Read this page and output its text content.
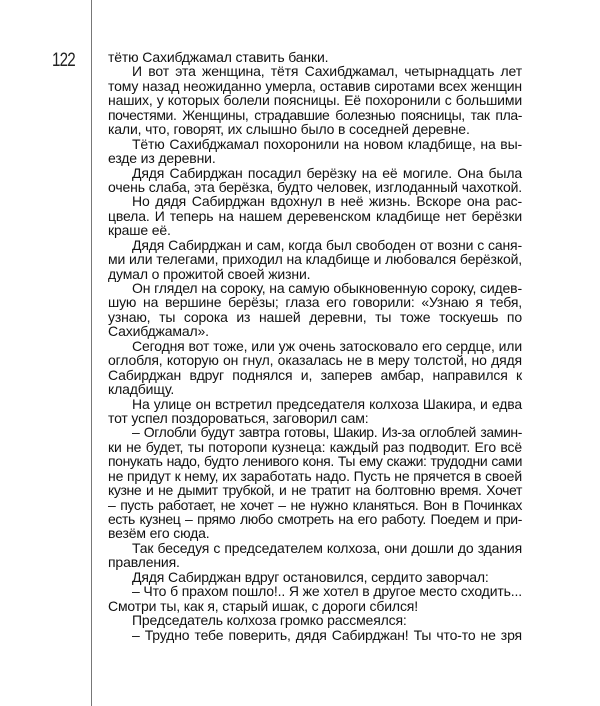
122 тётю Сахибджамал ставить банки.
И вот эта женщина, тётя Сахибджамал, четырнадцать лет
тому назад неожиданно умерла, оставив сиротами всех женщин
наших, у которых болели поясницы. Её похоронили с большими
почестями. Женщины, страдавшие болезнью поясницы, так пла-
кали, что, говорят, их слышно было в соседней деревне.
Тётю Сахибджамал похоронили на новом кладбище, на вы-
езде из деревни.
Дядя Сабирджан посадил берёзку на её могиле. Она была
очень слаба, эта берёзка, будто человек, изглоданный чахоткой.
Но дядя Сабирджан вдохнул в неё жизнь. Вскоре она рас-
цвела. И теперь на нашем деревенском кладбище нет берёзки
краше её.
Дядя Сабирджан и сам, когда был свободен от возни с саня-
ми или телегами, приходил на кладбище и любовался берёзкой,
думал о прожитой своей жизни.
Он глядел на сороку, на самую обыкновенную сороку, сидев-
шую на вершине берёзы; глаза его говорили: «Узнаю я тебя,
узнаю, ты сорока из нашей деревни, ты тоже тоскуешь по
Сахибджамал».
Сегодня вот тоже, или уж очень затосковало его сердце, или
оглобля, которую он гнул, оказалась не в меру толстой, но дядя
Сабирджан вдруг поднялся и, заперев амбар, направился к
кладбищу.
На улице он встретил председателя колхоза Шакира, и едва
тот успел поздороваться, заговорил сам:
– Оглобли будут завтра готовы, Шакир. Из-за оглоблей замин-
ки не будет, ты поторопи кузнеца: каждый раз подводит. Его всё
понукать надо, будто ленивого коня. Ты ему скажи: трудодни сами
не придут к нему, их заработать надо. Пусть не прячется в своей
кузне и не дымит трубкой, и не тратит на болтовню время. Хочет
– пусть работает, не хочет – не нужно кланяться. Вон в Починках
есть кузнец – прямо любо смотреть на его работу. Поедем и при-
везём его сюда.
Так беседуя с председателем колхоза, они дошли до здания
правления.
Дядя Сабирджан вдруг остановился, сердито заворчал:
– Что б прахом пошло!.. Я же хотел в другое место сходить...
Смотри ты, как я, старый ишак, с дороги сбился!
Председатель колхоза громко рассмеялся:
– Трудно тебе поверить, дядя Сабирджан! Ты что-то не зря
